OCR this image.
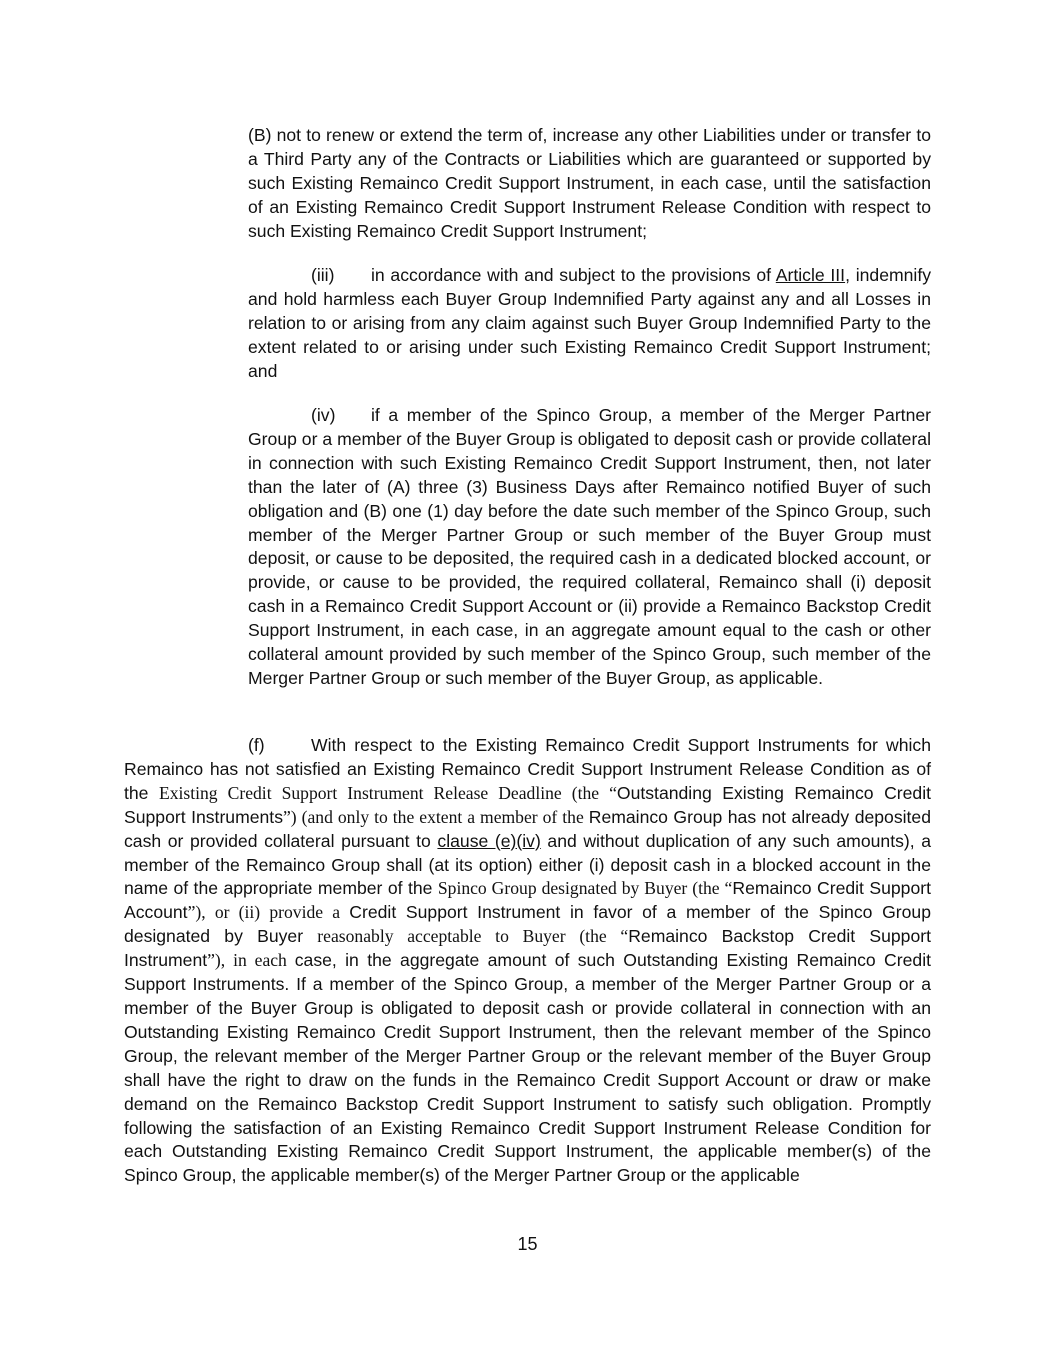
(B) not to renew or extend the term of, increase any other Liabilities under or transfer to a Third Party any of the Contracts or Liabilities which are guaranteed or supported by such Existing Remainco Credit Support Instrument, in each case, until the satisfaction of an Existing Remainco Credit Support Instrument Release Condition with respect to such Existing Remainco Credit Support Instrument;

(iii) in accordance with and subject to the provisions of Article III, indemnify and hold harmless each Buyer Group Indemnified Party against any and all Losses in relation to or arising from any claim against such Buyer Group Indemnified Party to the extent related to or arising under such Existing Remainco Credit Support Instrument; and

(iv) if a member of the Spinco Group, a member of the Merger Partner Group or a member of the Buyer Group is obligated to deposit cash or provide collateral in connection with such Existing Remainco Credit Support Instrument, then, not later than the later of (A) three (3) Business Days after Remainco notified Buyer of such obligation and (B) one (1) day before the date such member of the Spinco Group, such member of the Merger Partner Group or such member of the Buyer Group must deposit, or cause to be deposited, the required cash in a dedicated blocked account, or provide, or cause to be provided, the required collateral, Remainco shall (i) deposit cash in a Remainco Credit Support Account or (ii) provide a Remainco Backstop Credit Support Instrument, in each case, in an aggregate amount equal to the cash or other collateral amount provided by such member of the Spinco Group, such member of the Merger Partner Group or such member of the Buyer Group, as applicable.

(f)	With respect to the Existing Remainco Credit Support Instruments for which Remainco has not satisfied an Existing Remainco Credit Support Instrument Release Condition as of the Existing Credit Support Instrument Release Deadline (the “Outstanding Existing Remainco Credit Support Instruments”) (and only to the extent a member of the Remainco Group has not already deposited cash or provided collateral pursuant to clause (e)(iv) and without duplication of any such amounts), a member of the Remainco Group shall (at its option) either (i) deposit cash in a blocked account in the name of the appropriate member of the Spinco Group designated by Buyer (the “Remainco Credit Support Account”), or (ii) provide a Credit Support Instrument in favor of a member of the Spinco Group designated by Buyer reasonably acceptable to Buyer (the “Remainco Backstop Credit Support Instrument”), in each case, in the aggregate amount of such Outstanding Existing Remainco Credit Support Instruments. If a member of the Spinco Group, a member of the Merger Partner Group or a member of the Buyer Group is obligated to deposit cash or provide collateral in connection with an Outstanding Existing Remainco Credit Support Instrument, then the relevant member of the Spinco Group, the relevant member of the Merger Partner Group or the relevant member of the Buyer Group shall have the right to draw on the funds in the Remainco Credit Support Account or draw or make demand on the Remainco Backstop Credit Support Instrument to satisfy such obligation. Promptly following the satisfaction of an Existing Remainco Credit Support Instrument Release Condition for each Outstanding Existing Remainco Credit Support Instrument, the applicable member(s) of the Spinco Group, the applicable member(s) of the Merger Partner Group or the applicable

15
